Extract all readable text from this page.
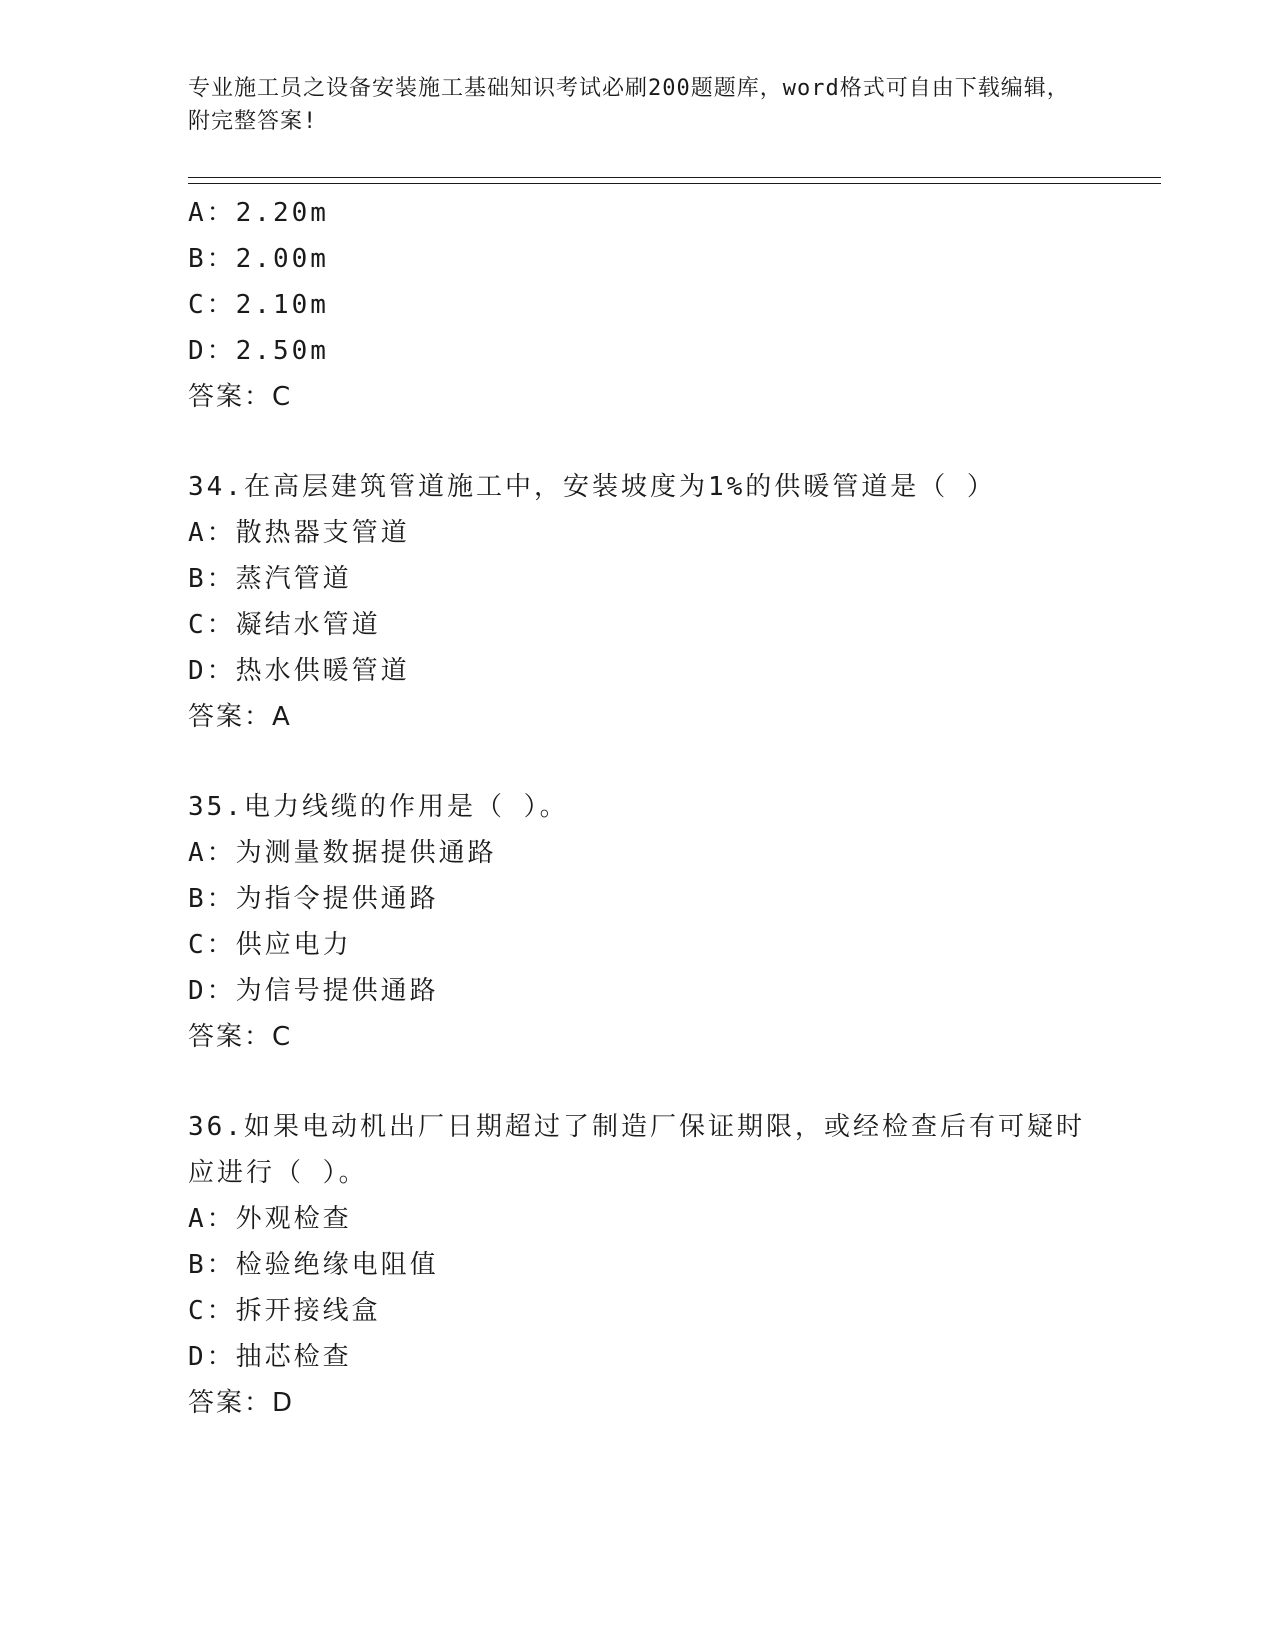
专业施工员之设备安装施工基础知识考试必刷200题题库，word格式可自由下载编辑，附完整答案!
A：2.20m
B：2.00m
C：2.10m
D：2.50m
答案：C
34.在高层建筑管道施工中，安装坡度为1%的供暖管道是（ ）
A：散热器支管道
B：蒸汽管道
C：凝结水管道
D：热水供暖管道
答案：A
35.电力线缆的作用是（ ）。
A：为测量数据提供通路
B：为指令提供通路
C：供应电力
D：为信号提供通路
答案：C
36.如果电动机出厂日期超过了制造厂保证期限，或经检查后有可疑时应进行（ ）。
A：外观检查
B：检验绝缘电阻值
C：拆开接线盒
D：抽芯检查
答案：D
